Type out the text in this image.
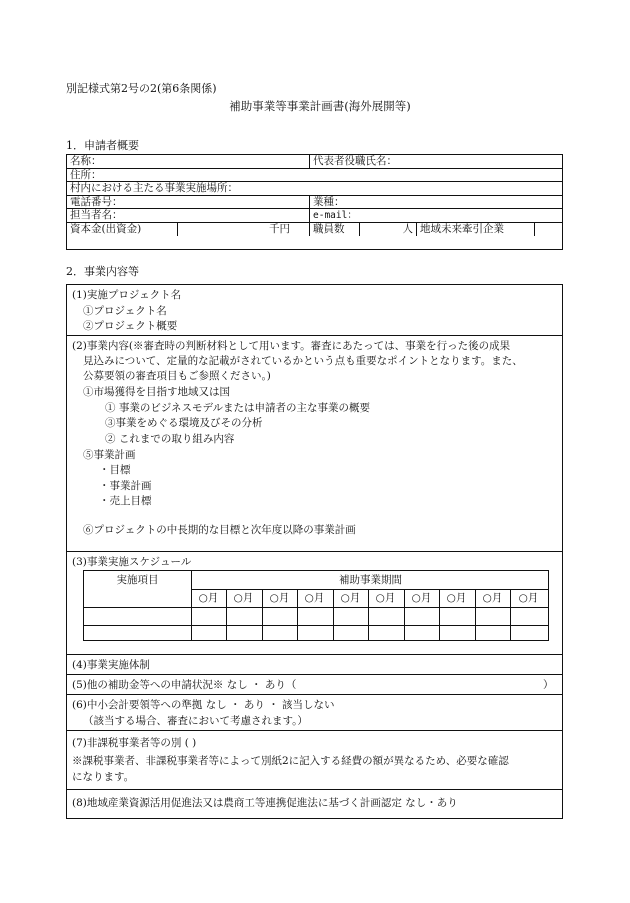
別記様式第2号の2(第6条関係)
補助事業等事業計画書(海外展開等)
1．申請者概要
名称：	代表者役職氏名：
住所：
村内における主たる事業実施場所：
電話番号：	業種：
担当者名：	e-mail：
資本金(出資金)	千円	職員数	人 地域未来牽引企業
2．事業内容等
(1)実施プロジェクト名
①プロジェクト名
②プロジェクト概要
(2)事業内容(※審査時の判断材料として用います。審査にあたっては、事業を行った後の成果
見込みについて、定量的な記載がされているかという点も重要なポイントとなります。また、
公募要領の審査項目もご参照ください。)
①市場獲得を目指す地域又は国
① 事業のビジネスモデルまたは申請者の主な事業の概要
③事業をめぐる環境及びその分析
② これまでの取り組み内容
⑤事業計画
・目標
・事業計画
・売上目標
⑥プロジェクトの中長期的な目標と次年度以降の事業計画
(3)事業実施スケジュール
実施項目	補助事業期間
○月	○月	○月	○月	○月	○月	○月	○月	○月	○月
(4)事業実施体制
(5)他の補助金等への申請状況※ なし ・ あり（	）
(6)中小会計要領等への準拠 なし ・ あり ・ 該当しない
（該当する場合、審査において考慮されます。）
(7)非課税事業者等の別 ( )
※課税事業者、非課税事業者等によって別紙2に記入する経費の額が異なるため、必要な確認
になります。
(8)地域産業資源活用促進法又は農商工等連携促進法に基づく計画認定 なし・あり
